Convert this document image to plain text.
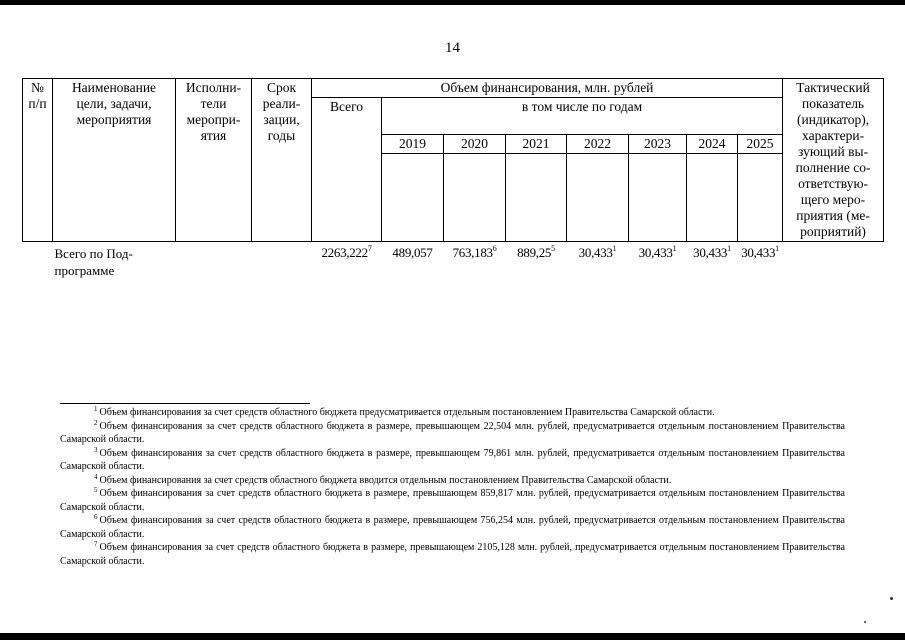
14
№ п/п	Наименование цели, задачи, мероприятия	Исполни- тели меропри- ятия	Срок реали- зации, годы	Объем финансирования, млн. рублей								Тактический показатель (индикатор), характери- зующий вы- полнение со- ответствую- щего меро- приятия (ме- роприятий)
				Всего	в том числе по годам							
					2019	2020	2021	2022	2023	2024	2025	

	Всего по Под- программе			2263,222$^7$	489,057	763,183$^6$	889,25$^5$	30,433$^1$	30,433$^1$	30,433$^1$	30,433$^1$	

$^1$ Объем финансирования за счет средств областного бюджета предусматривается отдельным постановлением Правительства Самарской области.

$^2$ Объем финансирования за счет средств областного бюджета в размере, превышающем 22,504 млн. рублей, предусматривается отдельным постановлением Правительства Самарской области.

$^3$ Объем финансирования за счет средств областного бюджета в размере, превышающем 79,861 млн. рублей, предусматривается отдельным постановлением Правительства Самарской области.

$^4$ Объем финансирования за счет средств областного бюджета вводится отдельным постановлением Правительства Самарской области.

$^5$ Объем финансирования за счет средств областного бюджета в размере, превышающем 859,817 млн. рублей, предусматривается отдельным постановлением Правительства Самарской области.

$^6$ Объем финансирования за счет средств областного бюджета в размере, превышающем 756,254 млн. рублей, предусматривается отдельным постановлением Правительства Самарской области.

$^7$ Объем финансирования за счет средств областного бюджета в размере, превышающем 2105,128 млн. рублей, предусматривается отдельным постановлением Правительства Самарской области.
